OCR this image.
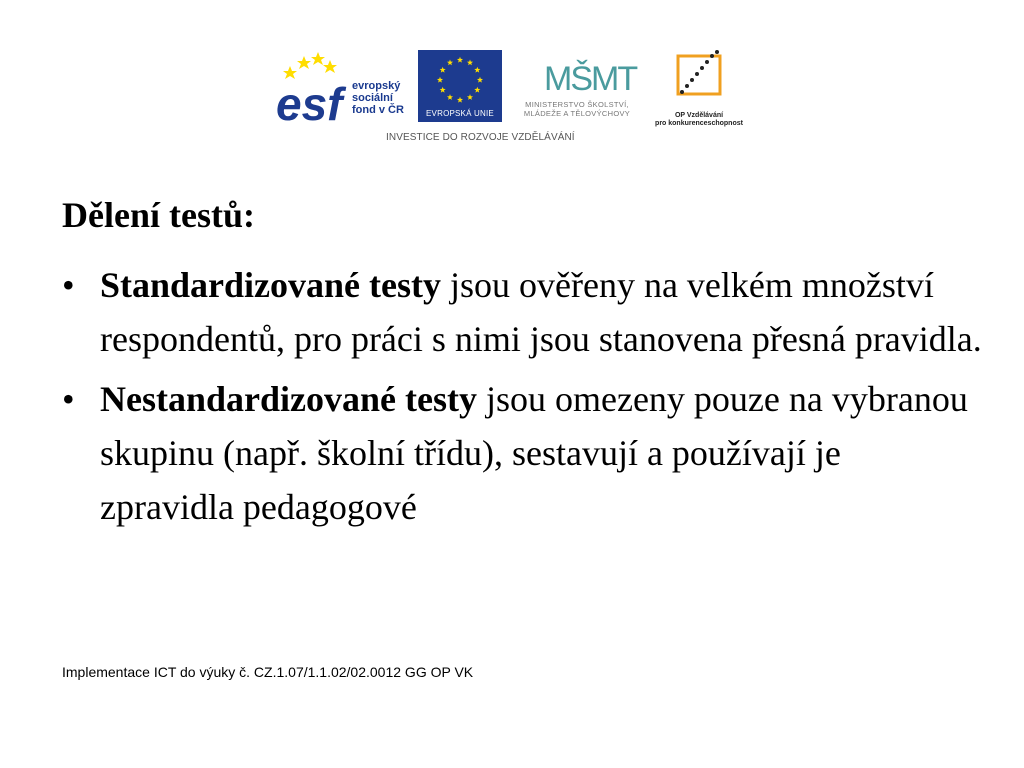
esf evropský
sociální
fond v ČR	EVROPSKÁ UNIE
MŠMT
MINISTERSTVO ŠKOLSTVÍ,
MLÁDEŽE A TĚLOVÝCHOVY	OP Vzdělávání
pro konkurenceschopnost
INVESTICE DO ROZVOJE VZDĚLÁVÁNÍ
Dělení testů:
• Standardizované testy jsou ověřeny na velkém množství respondentů, pro práci s nimi jsou stanovena přesná pravidla.
• Nestandardizované testy jsou omezeny pouze na vybranou skupinu (např. školní třídu), sestavují a používají je zpravidla pedagogové
Implementace ICT do výuky č. CZ.1.07/1.1.02/02.0012 GG OP VK
